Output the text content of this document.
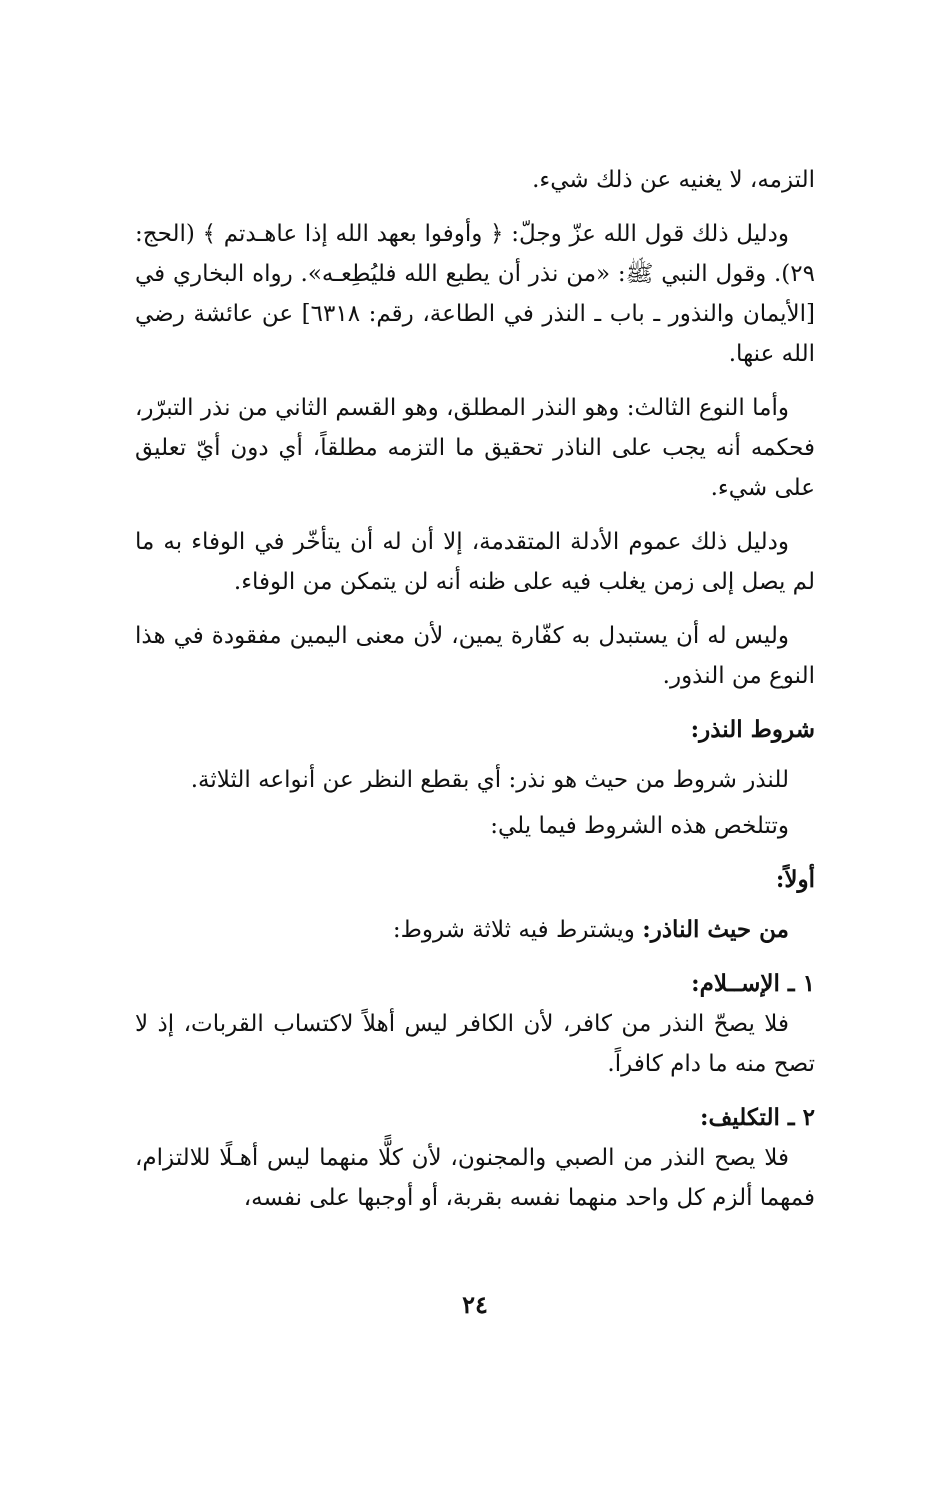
التزمه، لا يغنيه عن ذلك شيء.

ودليل ذلك قول الله عزّ وجلّ: ﴿ وأوفوا بعهد الله إذا عاهـدتم ﴾ (الحج: ٢٩). وقول النبي ﷺ: «من نذر أن يطيع الله فليُطِعـه». رواه البخاري في [الأيمان والنذور ـ باب ـ النذر في الطاعة، رقم: ٦٣١٨] عن عائشة رضي الله عنها.

وأما النوع الثالث: وهو النذر المطلق، وهو القسم الثاني من نذر التبرّر، فحكمه أنه يجب على الناذر تحقيق ما التزمه مطلقاً، أي دون أيّ تعليق على شيء.

ودليل ذلك عموم الأدلة المتقدمة، إلا أن له أن يتأخّر في الوفاء به ما لم يصل إلى زمن يغلب فيه على ظنه أنه لن يتمكن من الوفاء.

وليس له أن يستبدل به كفّارة يمين، لأن معنى اليمين مفقودة في هذا النوع من النذور.

شروط النذر:

للنذر شروط من حيث هو نذر: أي بقطع النظر عن أنواعه الثلاثة.

وتتلخص هذه الشروط فيما يلي:

أولاً:

من حيث الناذر: ويشترط فيه ثلاثة شروط:

١ ـ الإســلام:

فلا يصحّ النذر من كافر، لأن الكافر ليس أهلاً لاكتساب القربات، إذ لا تصح منه ما دام كافراً.

٢ ـ التكليف:

فلا يصح النذر من الصبي والمجنون، لأن كلًّا منهما ليس أهـلًا للالتزام، فمهما ألزم كل واحد منهما نفسه بقربة، أو أوجبها على نفسه،

٢٤
